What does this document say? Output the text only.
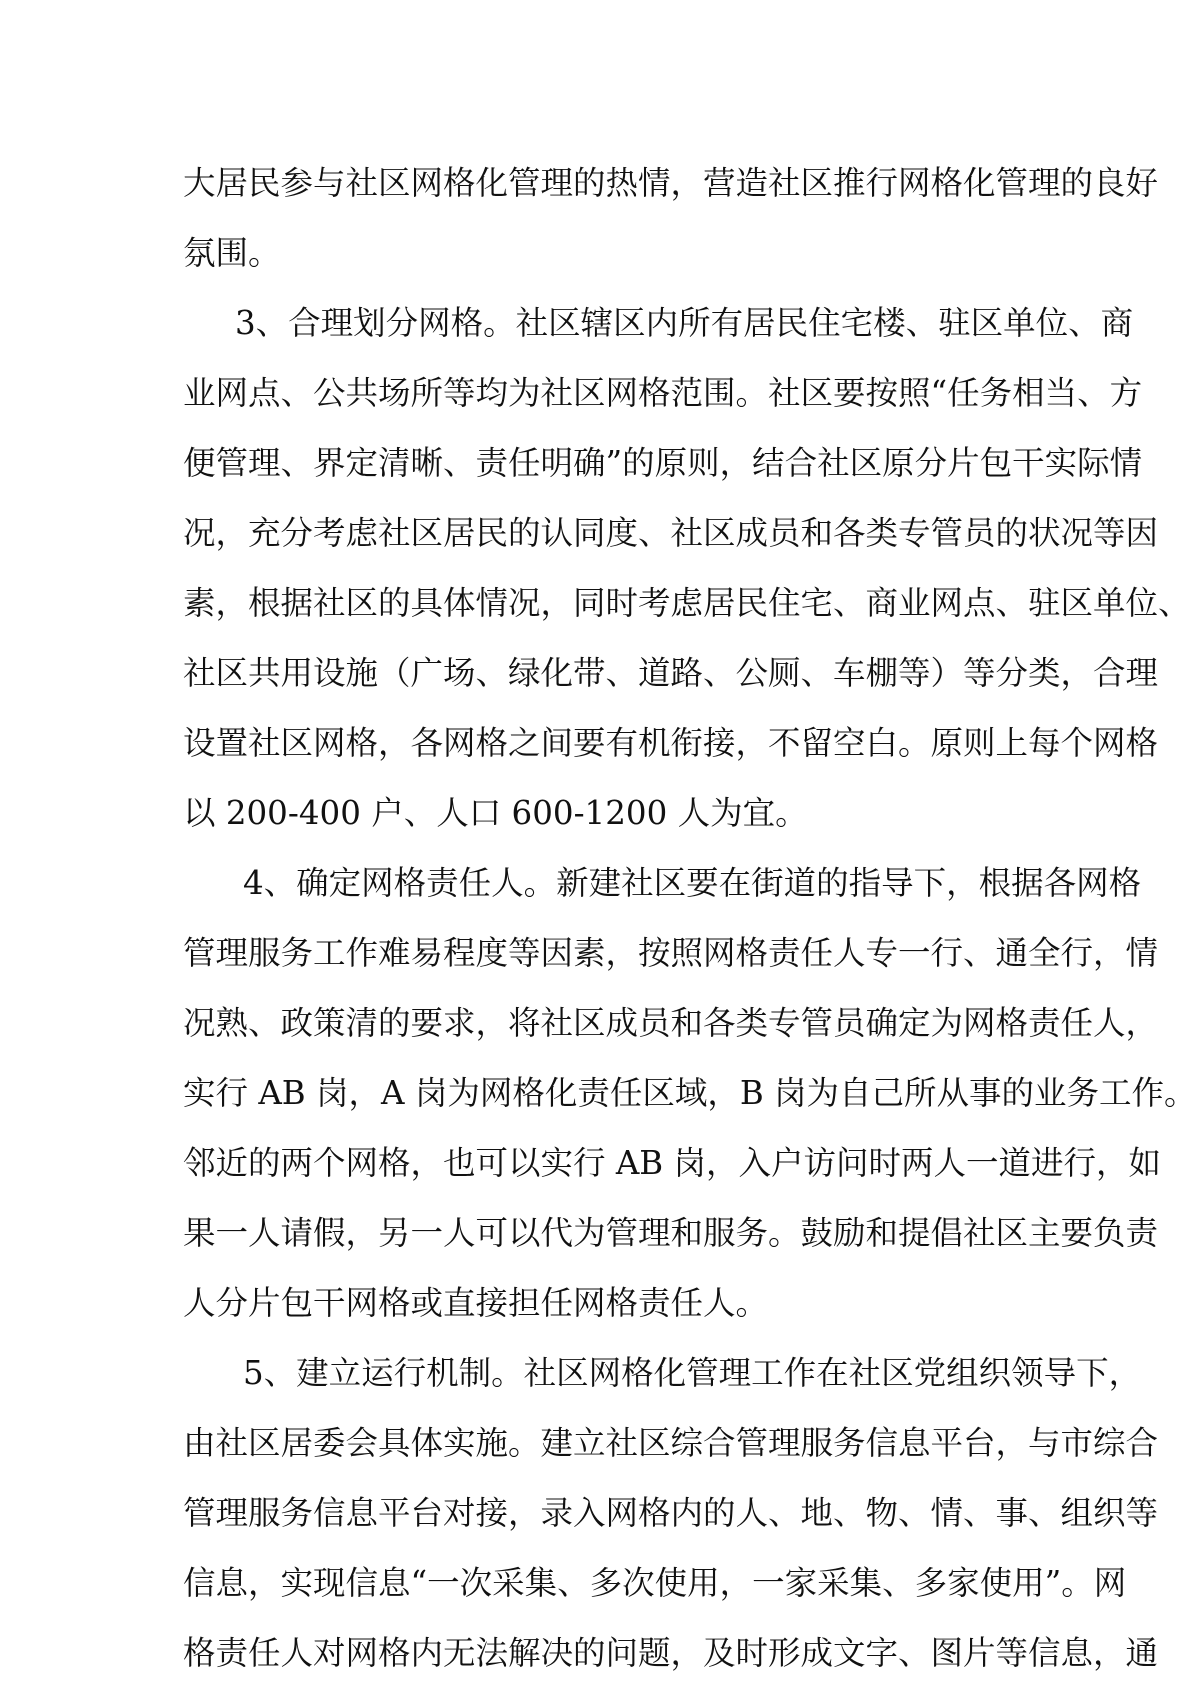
大居民参与社区网格化管理的热情，营造社区推行网格化管理的良好
氛围。
3、合理划分网格。社区辖区内所有居民住宅楼、驻区单位、商
业网点、公共场所等均为社区网格范围。社区要按照“任务相当、方
便管理、界定清晰、责任明确”的原则，结合社区原分片包干实际情
况，充分考虑社区居民的认同度、社区成员和各类专管员的状况等因
素，根据社区的具体情况，同时考虑居民住宅、商业网点、驻区单位、
社区共用设施（广场、绿化带、道路、公厕、车棚等）等分类，合理
设置社区网格，各网格之间要有机衔接，不留空白。原则上每个网格
以 200-400 户、人口 600-1200 人为宜。
4、确定网格责任人。新建社区要在街道的指导下，根据各网格
管理服务工作难易程度等因素，按照网格责任人专一行、通全行，情
况熟、政策清的要求，将社区成员和各类专管员确定为网格责任人，
实行 AB 岗，A 岗为网格化责任区域，B 岗为自己所从事的业务工作。
邻近的两个网格，也可以实行 AB 岗，入户访问时两人一道进行，如
果一人请假，另一人可以代为管理和服务。鼓励和提倡社区主要负责
人分片包干网格或直接担任网格责任人。
5、建立运行机制。社区网格化管理工作在社区党组织领导下，
由社区居委会具体实施。建立社区综合管理服务信息平台，与市综合
管理服务信息平台对接，录入网格内的人、地、物、情、事、组织等
信息，实现信息“一次采集、多次使用，一家采集、多家使用”。网
格责任人对网格内无法解决的问题，及时形成文字、图片等信息，通
